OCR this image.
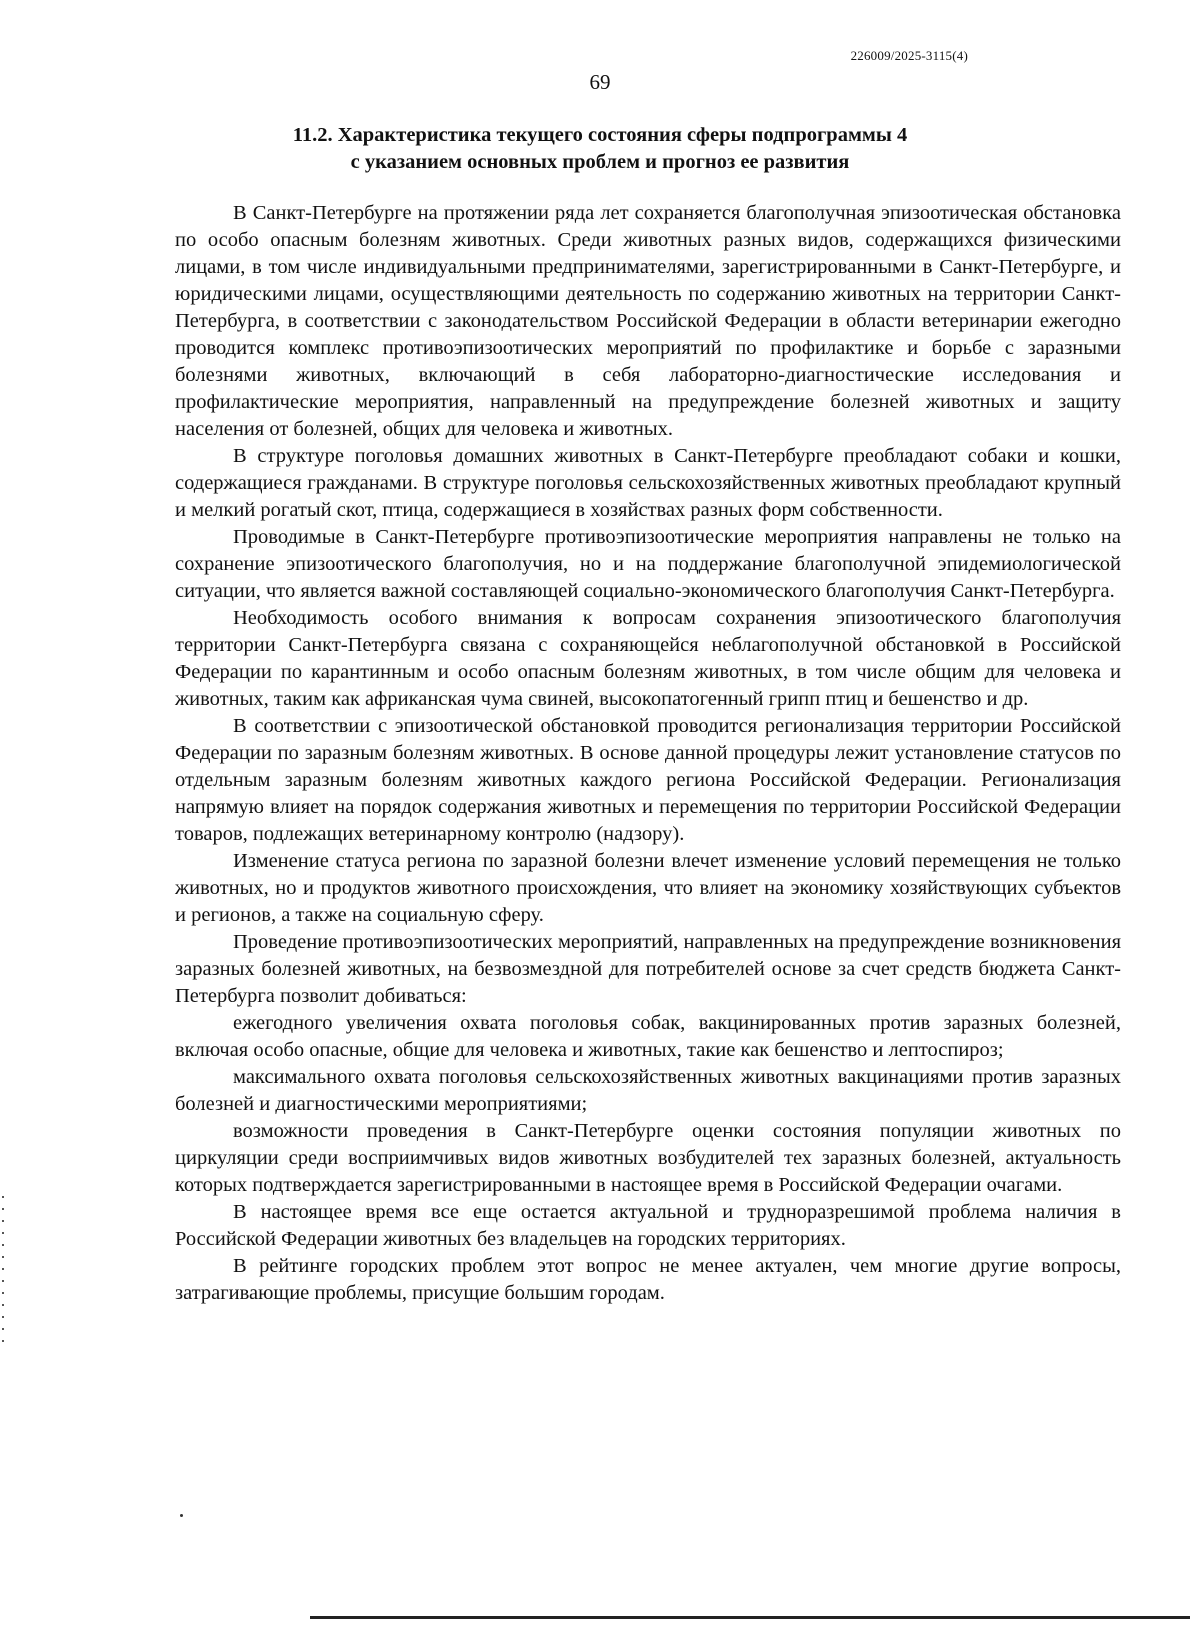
226009/2025-3115(4)
69
11.2. Характеристика текущего состояния сферы подпрограммы 4
с указанием основных проблем и прогноз ее развития

В Санкт-Петербурге на протяжении ряда лет сохраняется благополучная эпизоотическая обстановка по особо опасным болезням животных. Среди животных разных видов, содержащихся физическими лицами, в том числе индивидуальными предпринимателями, зарегистрированными в Санкт-Петербурге, и юридическими лицами, осуществляющими деятельность по содержанию животных на территории Санкт-Петербурга, в соответствии с законодательством Российской Федерации в области ветеринарии ежегодно проводится комплекс противоэпизоотических мероприятий по профилактике и борьбе с заразными болезнями животных, включающий в себя лабораторно-диагностические исследования и профилактические мероприятия, направленный на предупреждение болезней животных и защиту населения от болезней, общих для человека и животных.

В структуре поголовья домашних животных в Санкт-Петербурге преобладают собаки и кошки, содержащиеся гражданами. В структуре поголовья сельскохозяйственных животных преобладают крупный и мелкий рогатый скот, птица, содержащиеся в хозяйствах разных форм собственности.

Проводимые в Санкт-Петербурге противоэпизоотические мероприятия направлены не только на сохранение эпизоотического благополучия, но и на поддержание благополучной эпидемиологической ситуации, что является важной составляющей социально-экономического благополучия Санкт-Петербурга.

Необходимость особого внимания к вопросам сохранения эпизоотического благополучия территории Санкт-Петербурга связана с сохраняющейся неблагополучной обстановкой в Российской Федерации по карантинным и особо опасным болезням животных, в том числе общим для человека и животных, таким как африканская чума свиней, высокопатогенный грипп птиц и бешенство и др.

В соответствии с эпизоотической обстановкой проводится регионализация территории Российской Федерации по заразным болезням животных. В основе данной процедуры лежит установление статусов по отдельным заразным болезням животных каждого региона Российской Федерации. Регионализация напрямую влияет на порядок содержания животных и перемещения по территории Российской Федерации товаров, подлежащих ветеринарному контролю (надзору).

Изменение статуса региона по заразной болезни влечет изменение условий перемещения не только животных, но и продуктов животного происхождения, что влияет на экономику хозяйствующих субъектов и регионов, а также на социальную сферу.

Проведение противоэпизоотических мероприятий, направленных на предупреждение возникновения заразных болезней животных, на безвозмездной для потребителей основе за счет средств бюджета Санкт-Петербурга позволит добиваться:

ежегодного увеличения охвата поголовья собак, вакцинированных против заразных болезней, включая особо опасные, общие для человека и животных, такие как бешенство и лептоспироз;

максимального охвата поголовья сельскохозяйственных животных вакцинациями против заразных болезней и диагностическими мероприятиями;

возможности проведения в Санкт-Петербурге оценки состояния популяции животных по циркуляции среди восприимчивых видов животных возбудителей тех заразных болезней, актуальность которых подтверждается зарегистрированными в настоящее время в Российской Федерации очагами.

В настоящее время все еще остается актуальной и трудноразрешимой проблема наличия в Российской Федерации животных без владельцев на городских территориях.

В рейтинге городских проблем этот вопрос не менее актуален, чем многие другие вопросы, затрагивающие проблемы, присущие большим городам.
